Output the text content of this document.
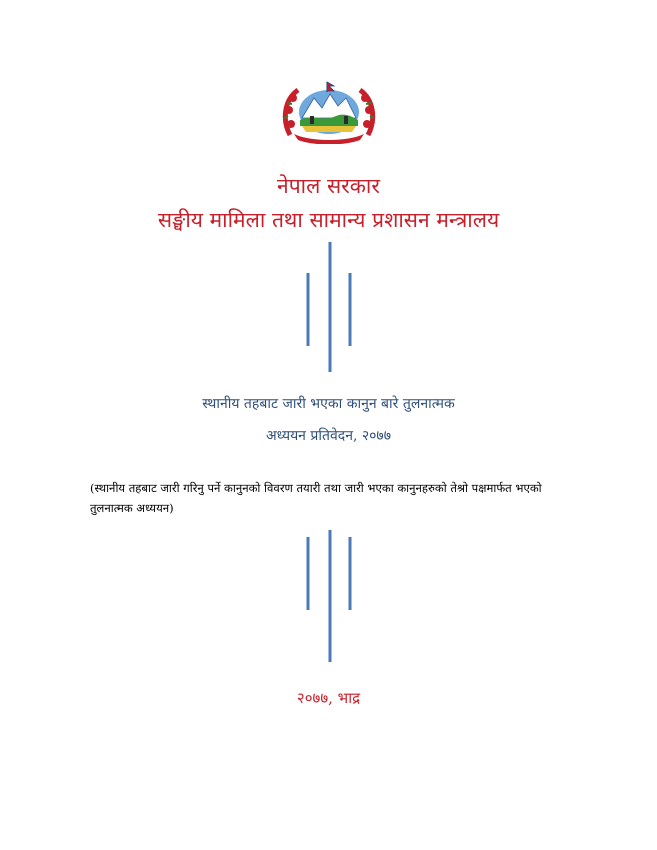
नेपाल सरकार
सङ्घीय मामिला तथा सामान्य प्रशासन मन्त्रालय
स्थानीय तहबाट जारी भएका कानुन बारे तुलनात्मक
अध्ययन प्रतिवेदन, २०७७
(स्थानीय तहबाट जारी गरिनु पर्ने कानुनको विवरण तयारी तथा जारी भएका कानुनहरुको तेश्रो पक्षमार्फत भएको तुलनात्मक अध्ययन)
२०७७, भाद्र
